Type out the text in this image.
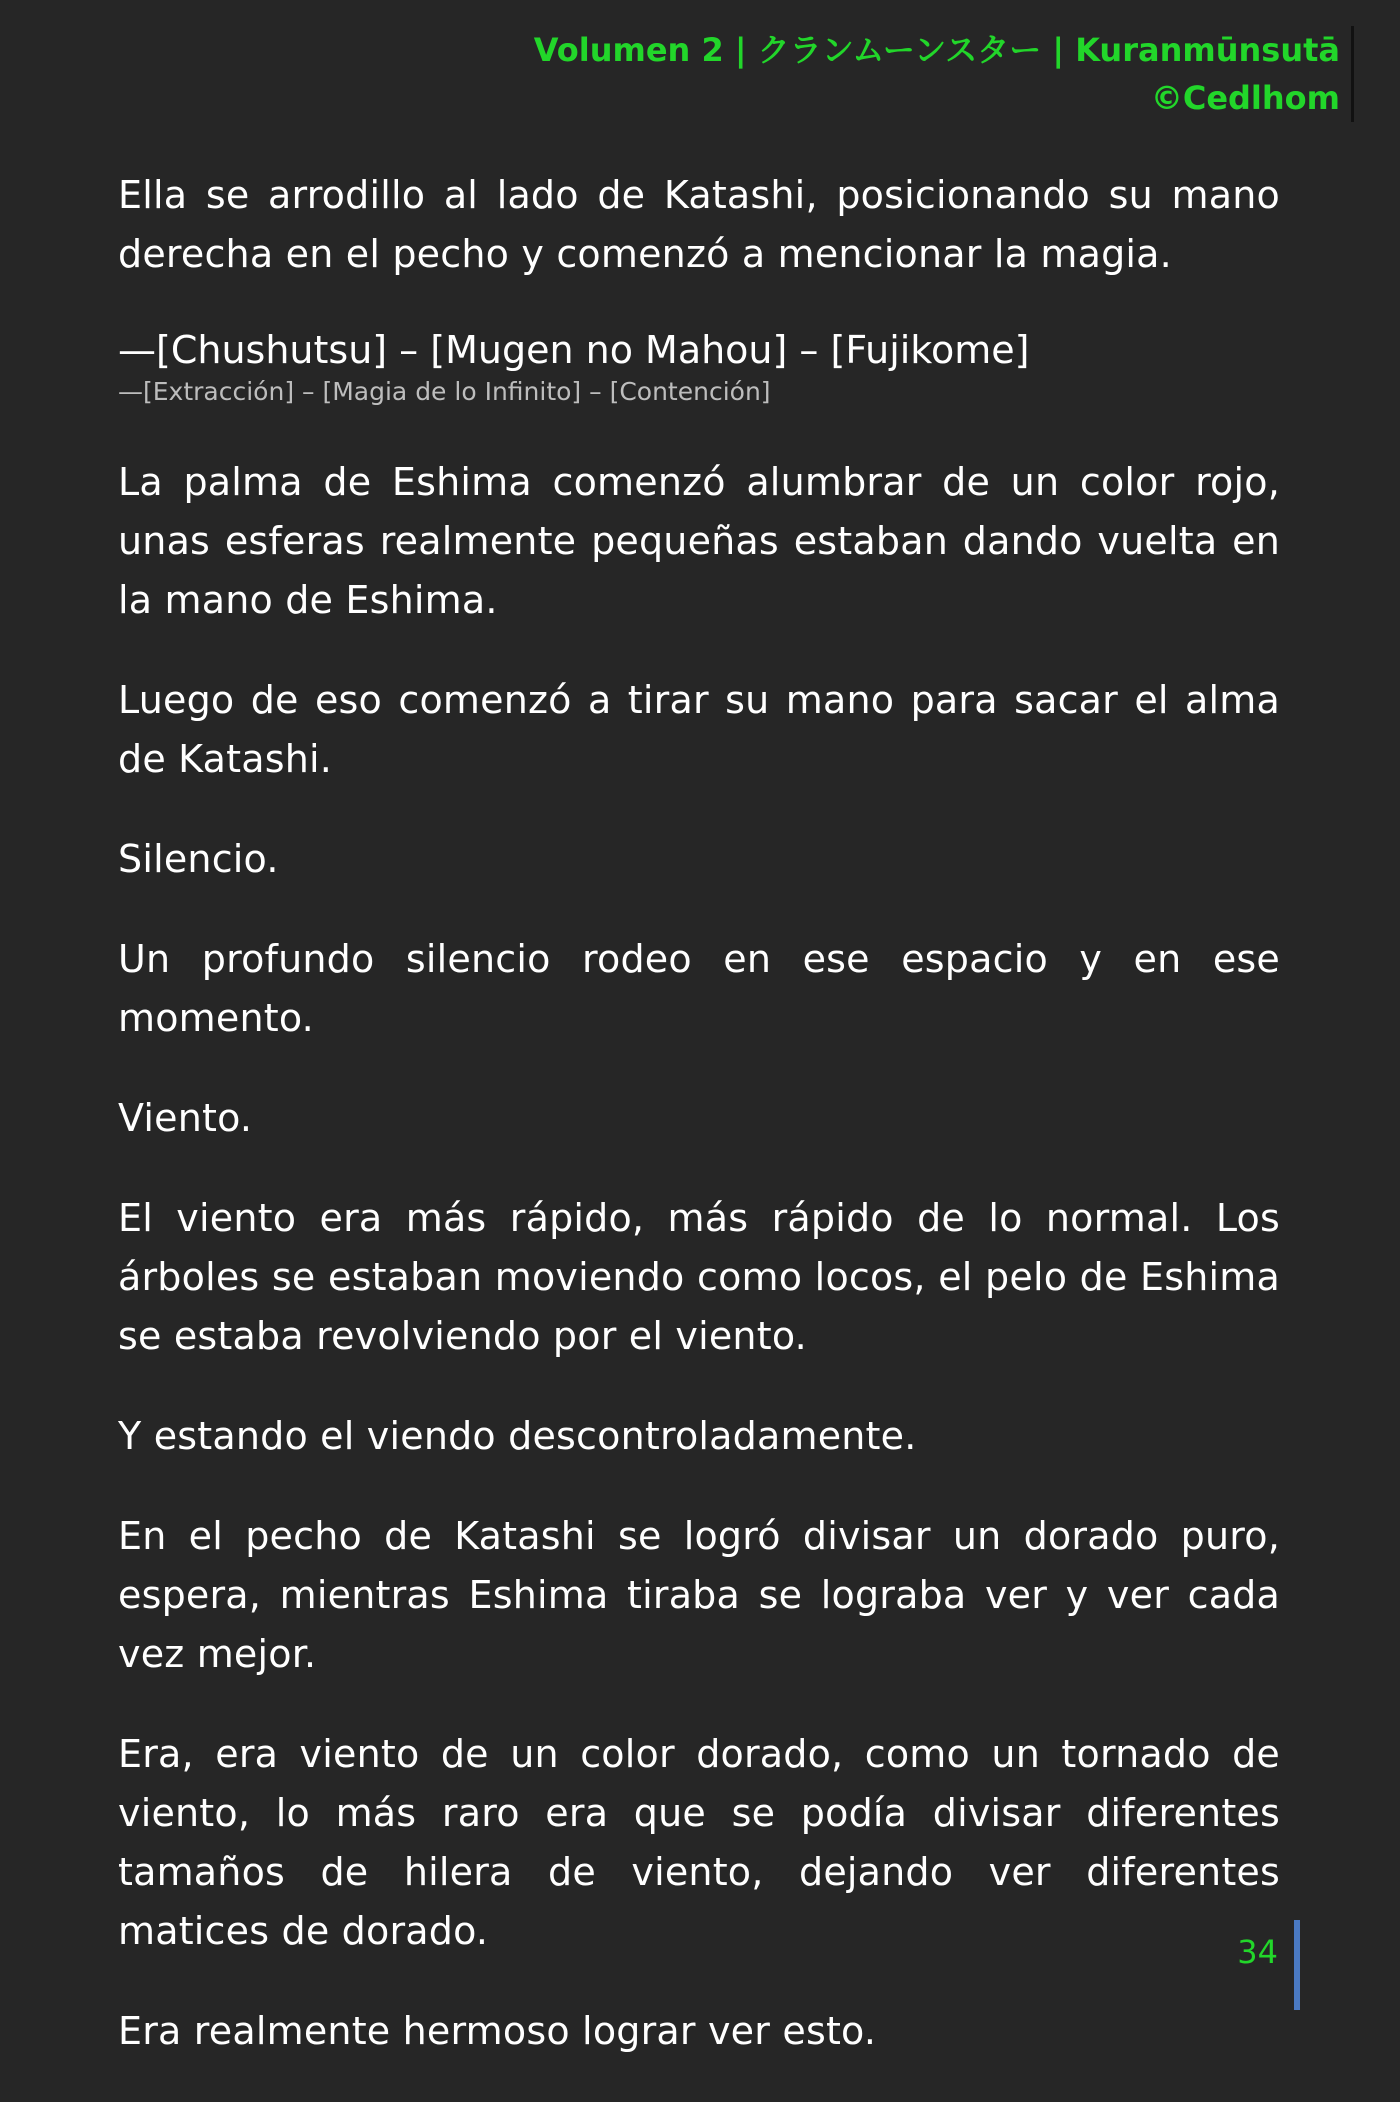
Volumen 2 | クランムーンスター | Kuranmūnsutā
©Cedlhom

Ella se arrodillo al lado de Katashi, posicionando su mano derecha en el pecho y comenzó a mencionar la magia.

—[Chushutsu] – [Mugen no Mahou] – [Fujikome]

—[Extracción] – [Magia de lo Infinito] – [Contención]

La palma de Eshima comenzó alumbrar de un color rojo, unas esferas realmente pequeñas estaban dando vuelta en la mano de Eshima.

Luego de eso comenzó a tirar su mano para sacar el alma de Katashi.

Silencio.

Un profundo silencio rodeo en ese espacio y en ese momento.

Viento.

El viento era más rápido, más rápido de lo normal. Los árboles se estaban moviendo como locos, el pelo de Eshima se estaba revolviendo por el viento.

Y estando el viendo descontroladamente.

En el pecho de Katashi se logró divisar un dorado puro, espera, mientras Eshima tiraba se lograba ver y ver cada vez mejor.

Era, era viento de un color dorado, como un tornado de viento, lo más raro era que se podía divisar diferentes tamaños de hilera de viento, dejando ver diferentes matices de dorado.

Era realmente hermoso lograr ver esto.

34
